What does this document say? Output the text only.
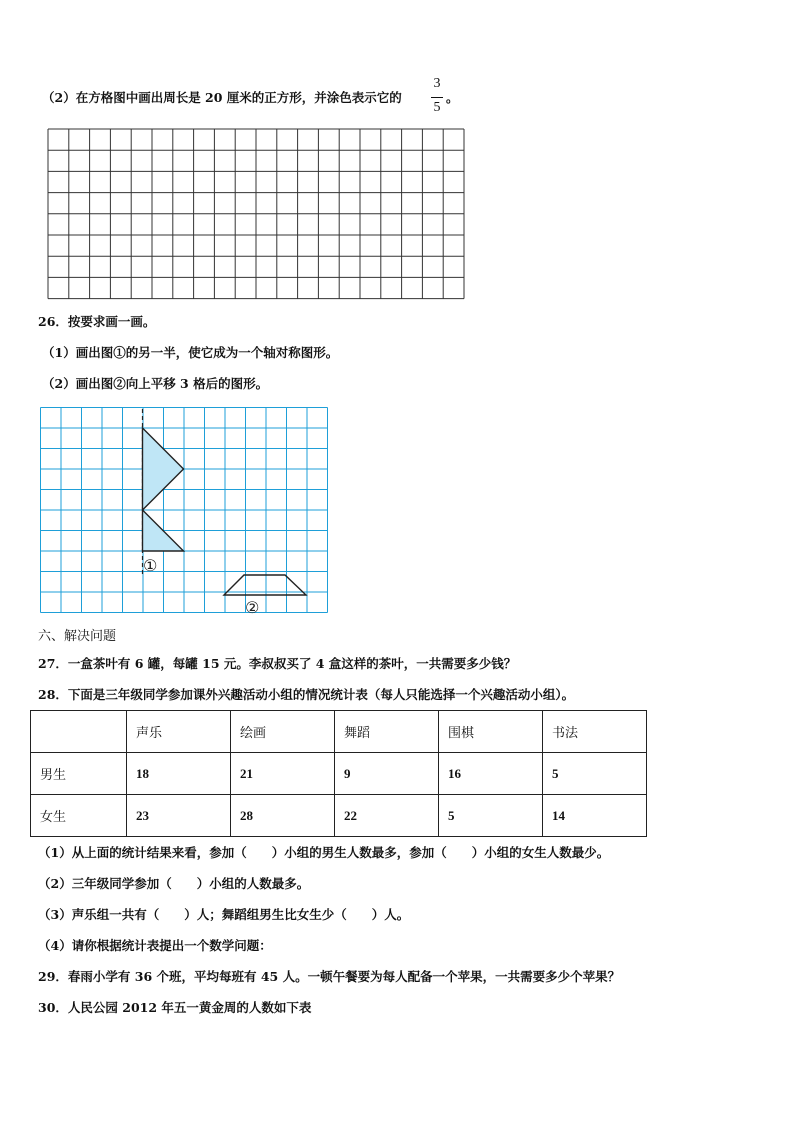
（2）在方格图中画出周长是 20 厘米的正方形，并涂色表示它的
3
5
。
26．按要求画一画。
（1）画出图①的另一半，使它成为一个轴对称图形。
（2）画出图②向上平移 3 格后的图形。
①
②
六、解决问题
27．一盒茶叶有 6 罐，每罐 15 元。李叔叔买了 4 盒这样的茶叶，一共需要多少钱？
28．下面是三年级同学参加课外兴趣活动小组的情况统计表（每人只能选择一个兴趣活动小组）。
	声乐	绘画	舞蹈	围棋	书法
男生	18	21	9	16	5
女生	23	28	22	5	14
（1）从上面的统计结果来看，参加（　　）小组的男生人数最多，参加（　　）小组的女生人数最少。
（2）三年级同学参加（　　）小组的人数最多。
（3）声乐组一共有（　　）人；舞蹈组男生比女生少（　　）人。
（4）请你根据统计表提出一个数学问题：
29．春雨小学有 36 个班，平均每班有 45 人。一顿午餐要为每人配备一个苹果，一共需要多少个苹果？
30．人民公园 2012 年五一黄金周的人数如下表
